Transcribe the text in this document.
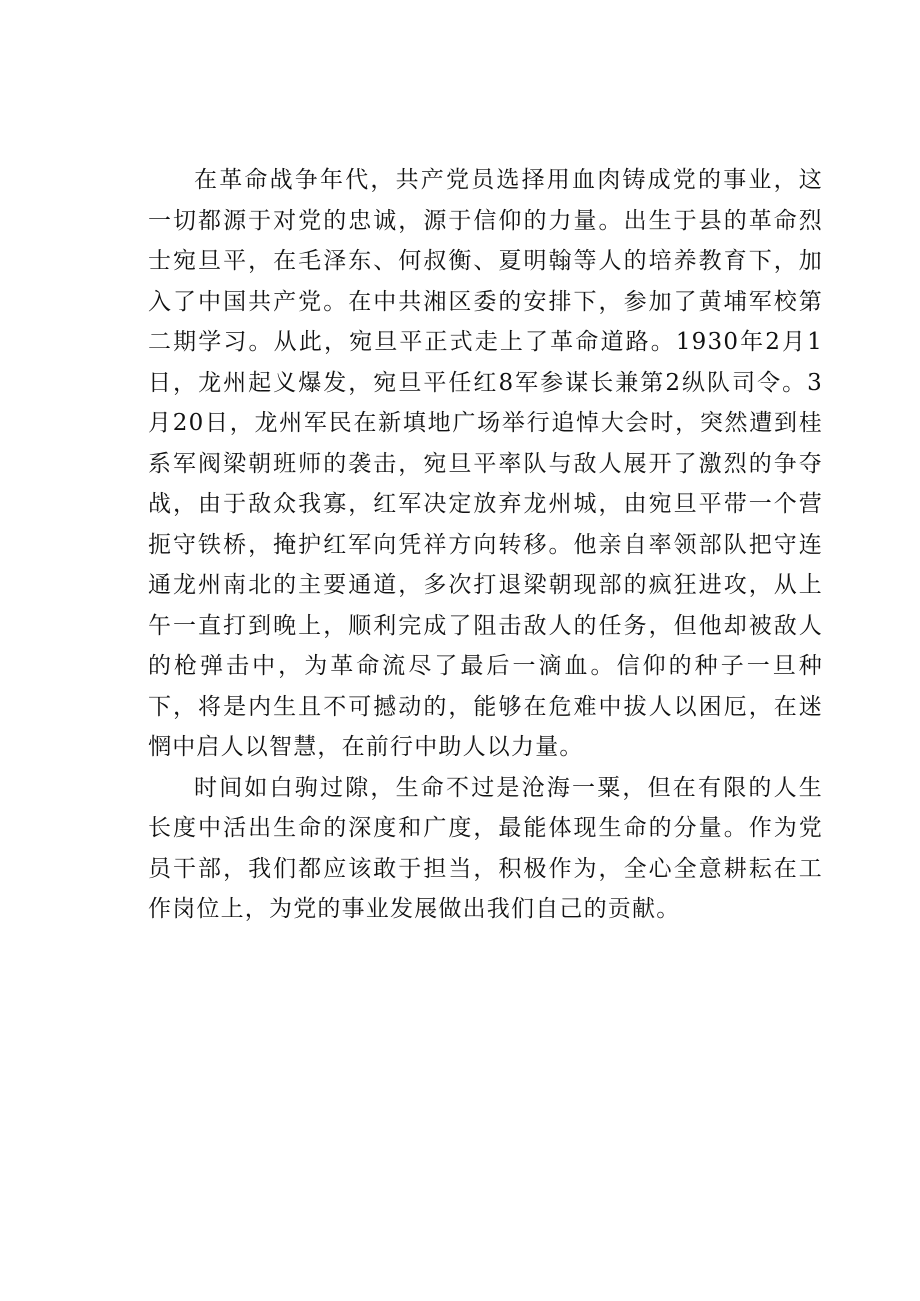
在革命战争年代，共产党员选择用血肉铸成党的事业，这一切都源于对党的忠诚，源于信仰的力量。出生于县的革命烈士宛旦平，在毛泽东、何叔衡、夏明翰等人的培养教育下，加入了中国共产党。在中共湘区委的安排下，参加了黄埔军校第二期学习。从此，宛旦平正式走上了革命道路。1930年2月1日，龙州起义爆发，宛旦平任红8军参谋长兼第2纵队司令。3月20日，龙州军民在新填地广场举行追悼大会时，突然遭到桂系军阀梁朝班师的袭击，宛旦平率队与敌人展开了激烈的争夺战，由于敌众我寡，红军决定放弃龙州城，由宛旦平带一个营扼守铁桥，掩护红军向凭祥方向转移。他亲自率领部队把守连通龙州南北的主要通道，多次打退梁朝现部的疯狂进攻，从上午一直打到晚上，顺利完成了阻击敌人的任务，但他却被敌人的枪弹击中，为革命流尽了最后一滴血。信仰的种子一旦种下，将是内生且不可撼动的，能够在危难中拔人以困厄，在迷惘中启人以智慧，在前行中助人以力量。

时间如白驹过隙，生命不过是沧海一粟，但在有限的人生长度中活出生命的深度和广度，最能体现生命的分量。作为党员干部，我们都应该敢于担当，积极作为，全心全意耕耘在工作岗位上，为党的事业发展做出我们自己的贡献。
